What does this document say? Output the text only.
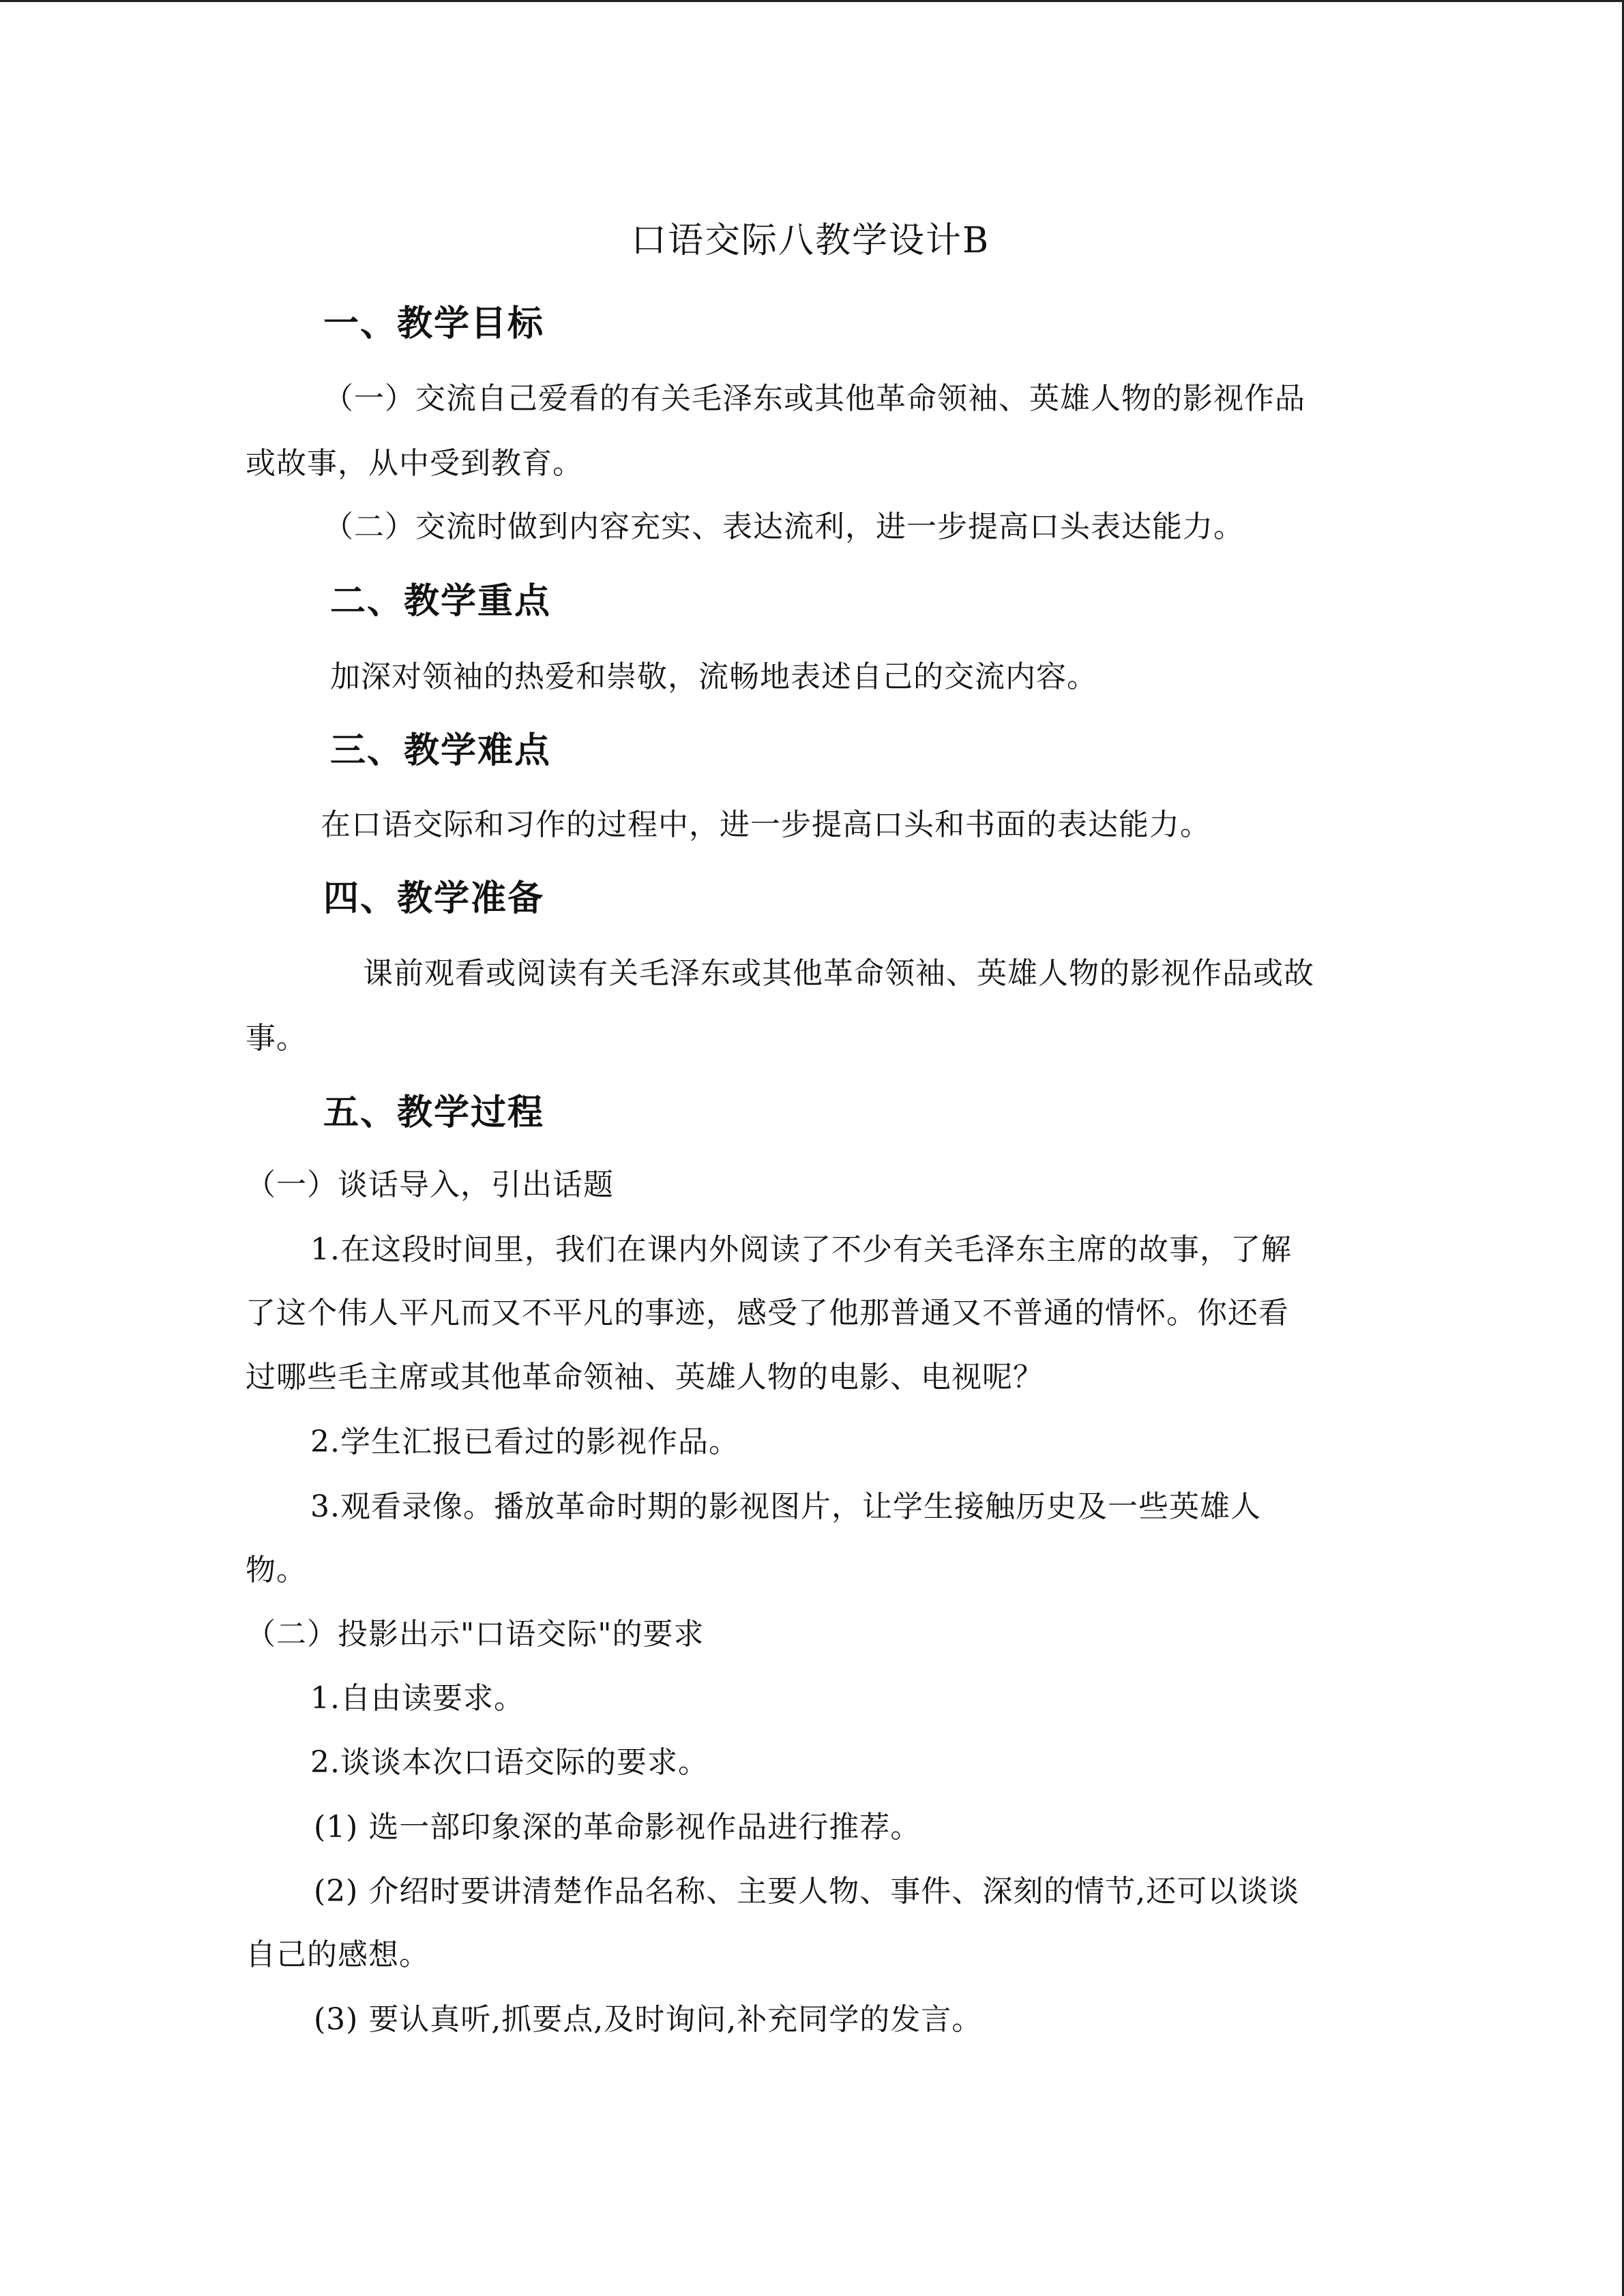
口语交际八教学设计B
一、教学目标
（一）交流自己爱看的有关毛泽东或其他革命领袖、英雄人物的影视作品
或故事，从中受到教育。
（二）交流时做到内容充实、表达流利，进一步提高口头表达能力。
二、教学重点
加深对领袖的热爱和崇敬，流畅地表述自己的交流内容。
三、教学难点
在口语交际和习作的过程中，进一步提高口头和书面的表达能力。
四、教学准备
课前观看或阅读有关毛泽东或其他革命领袖、英雄人物的影视作品或故
事。
五、教学过程
（一）谈话导入，引出话题
1.在这段时间里，我们在课内外阅读了不少有关毛泽东主席的故事，了解
了这个伟人平凡而又不平凡的事迹，感受了他那普通又不普通的情怀。你还看
过哪些毛主席或其他革命领袖、英雄人物的电影、电视呢？
2.学生汇报已看过的影视作品。
3.观看录像。播放革命时期的影视图片，让学生接触历史及一些英雄人
物。
（二）投影出示"口语交际"的要求
1.自由读要求。
2.谈谈本次口语交际的要求。
(1) 选一部印象深的革命影视作品进行推荐。
(2) 介绍时要讲清楚作品名称、主要人物、事件、深刻的情节,还可以谈谈
自己的感想。
(3) 要认真听,抓要点,及时询问,补充同学的发言。
